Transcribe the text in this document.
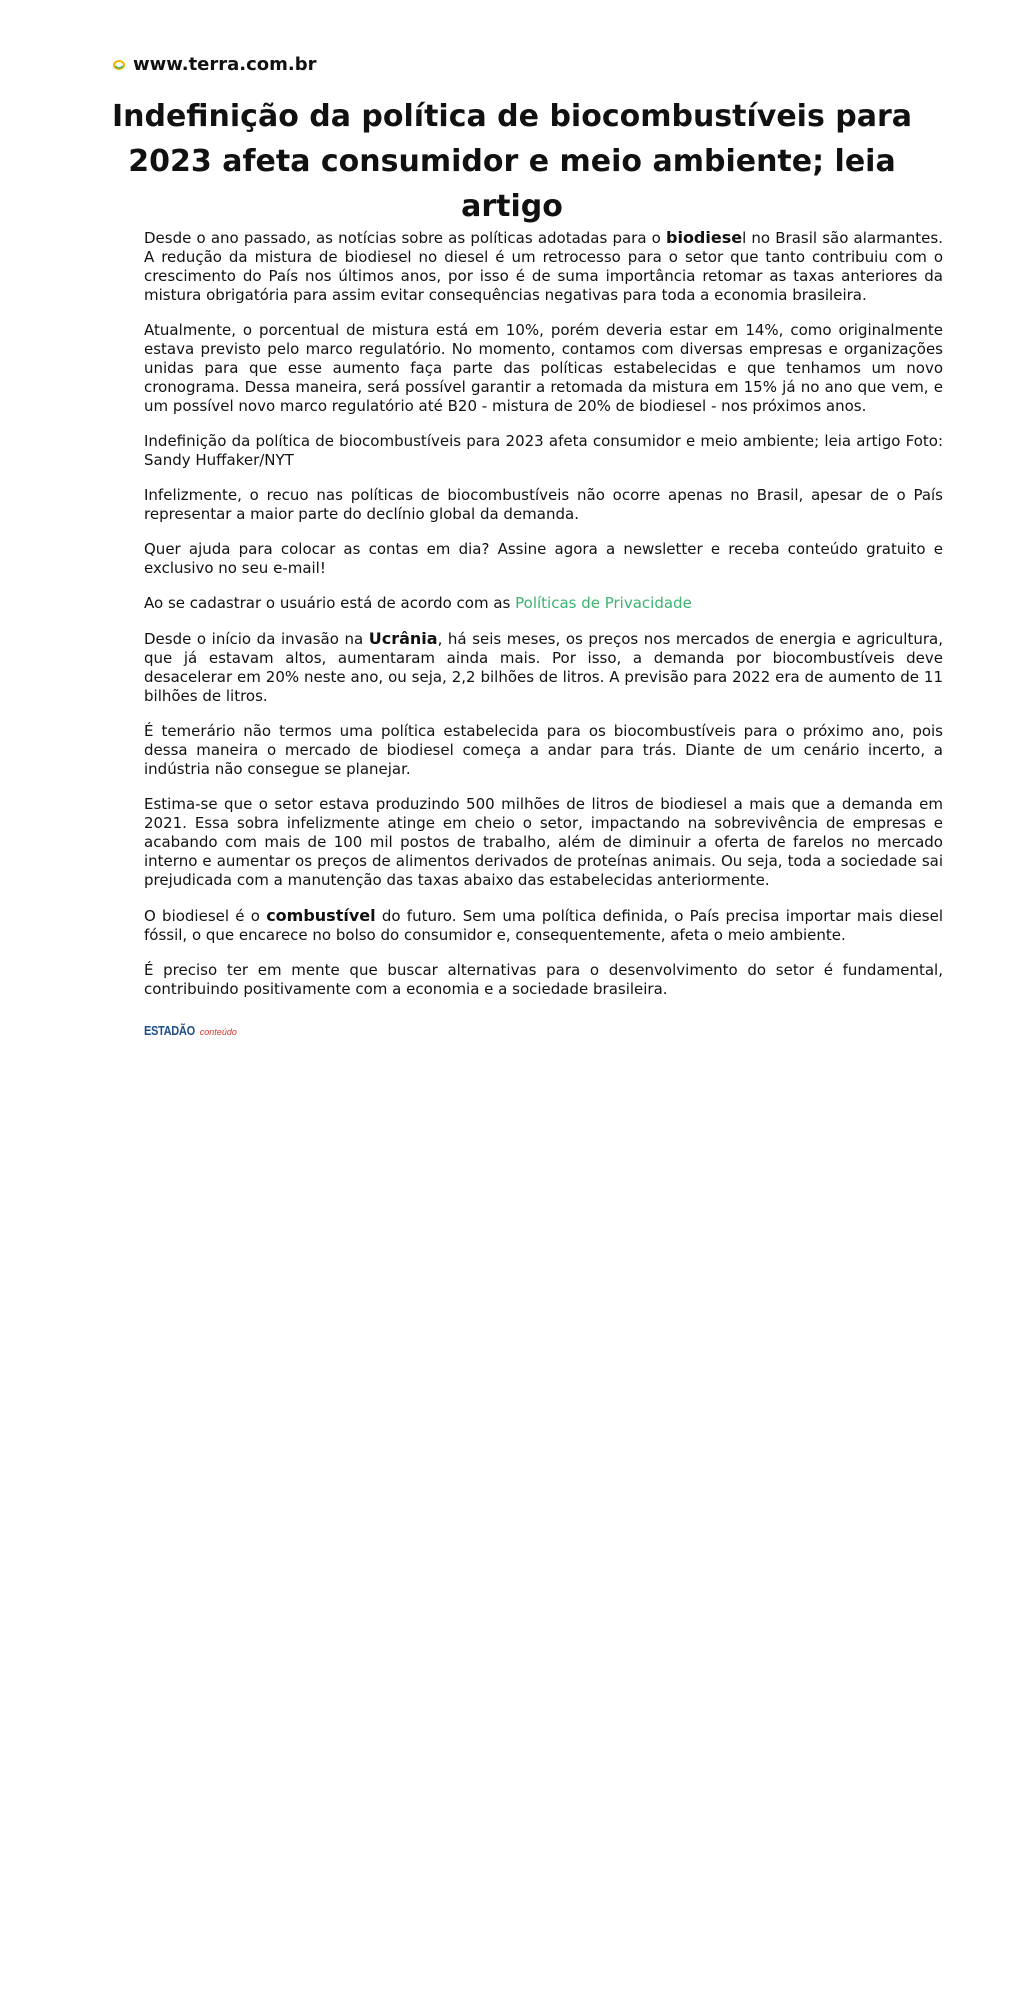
www.terra.com.br
Indefinição da política de biocombustíveis para 2023 afeta consumidor e meio ambiente; leia artigo

Desde o ano passado, as notícias sobre as políticas adotadas para o biodiesel no Brasil são alarmantes. A redução da mistura de biodiesel no diesel é um retrocesso para o setor que tanto contribuiu com o crescimento do País nos últimos anos, por isso é de suma importância retomar as taxas anteriores da mistura obrigatória para assim evitar consequências negativas para toda a economia brasileira.

Atualmente, o porcentual de mistura está em 10%, porém deveria estar em 14%, como originalmente estava previsto pelo marco regulatório. No momento, contamos com diversas empresas e organizações unidas para que esse aumento faça parte das políticas estabelecidas e que tenhamos um novo cronograma. Dessa maneira, será possível garantir a retomada da mistura em 15% já no ano que vem, e um possível novo marco regulatório até B20 - mistura de 20% de biodiesel - nos próximos anos.

Indefinição da política de biocombustíveis para 2023 afeta consumidor e meio ambiente; leia artigo Foto: Sandy Huffaker/NYT

Infelizmente, o recuo nas políticas de biocombustíveis não ocorre apenas no Brasil, apesar de o País representar a maior parte do declínio global da demanda.

Quer ajuda para colocar as contas em dia? Assine agora a newsletter e receba conteúdo gratuito e exclusivo no seu e-mail!

Ao se cadastrar o usuário está de acordo com as Políticas de Privacidade

Desde o início da invasão na Ucrânia, há seis meses, os preços nos mercados de energia e agricultura, que já estavam altos, aumentaram ainda mais. Por isso, a demanda por biocombustíveis deve desacelerar em 20% neste ano, ou seja, 2,2 bilhões de litros. A previsão para 2022 era de aumento de 11 bilhões de litros.

É temerário não termos uma política estabelecida para os biocombustíveis para o próximo ano, pois dessa maneira o mercado de biodiesel começa a andar para trás. Diante de um cenário incerto, a indústria não consegue se planejar.

Estima-se que o setor estava produzindo 500 milhões de litros de biodiesel a mais que a demanda em 2021. Essa sobra infelizmente atinge em cheio o setor, impactando na sobrevivência de empresas e acabando com mais de 100 mil postos de trabalho, além de diminuir a oferta de farelos no mercado interno e aumentar os preços de alimentos derivados de proteínas animais. Ou seja, toda a sociedade sai prejudicada com a manutenção das taxas abaixo das estabelecidas anteriormente.

O biodiesel é o combustível do futuro. Sem uma política definida, o País precisa importar mais diesel fóssil, o que encarece no bolso do consumidor e, consequentemente, afeta o meio ambiente.

É preciso ter em mente que buscar alternativas para o desenvolvimento do setor é fundamental, contribuindo positivamente com a economia e a sociedade brasileira.

ESTADÃO conteúdo
